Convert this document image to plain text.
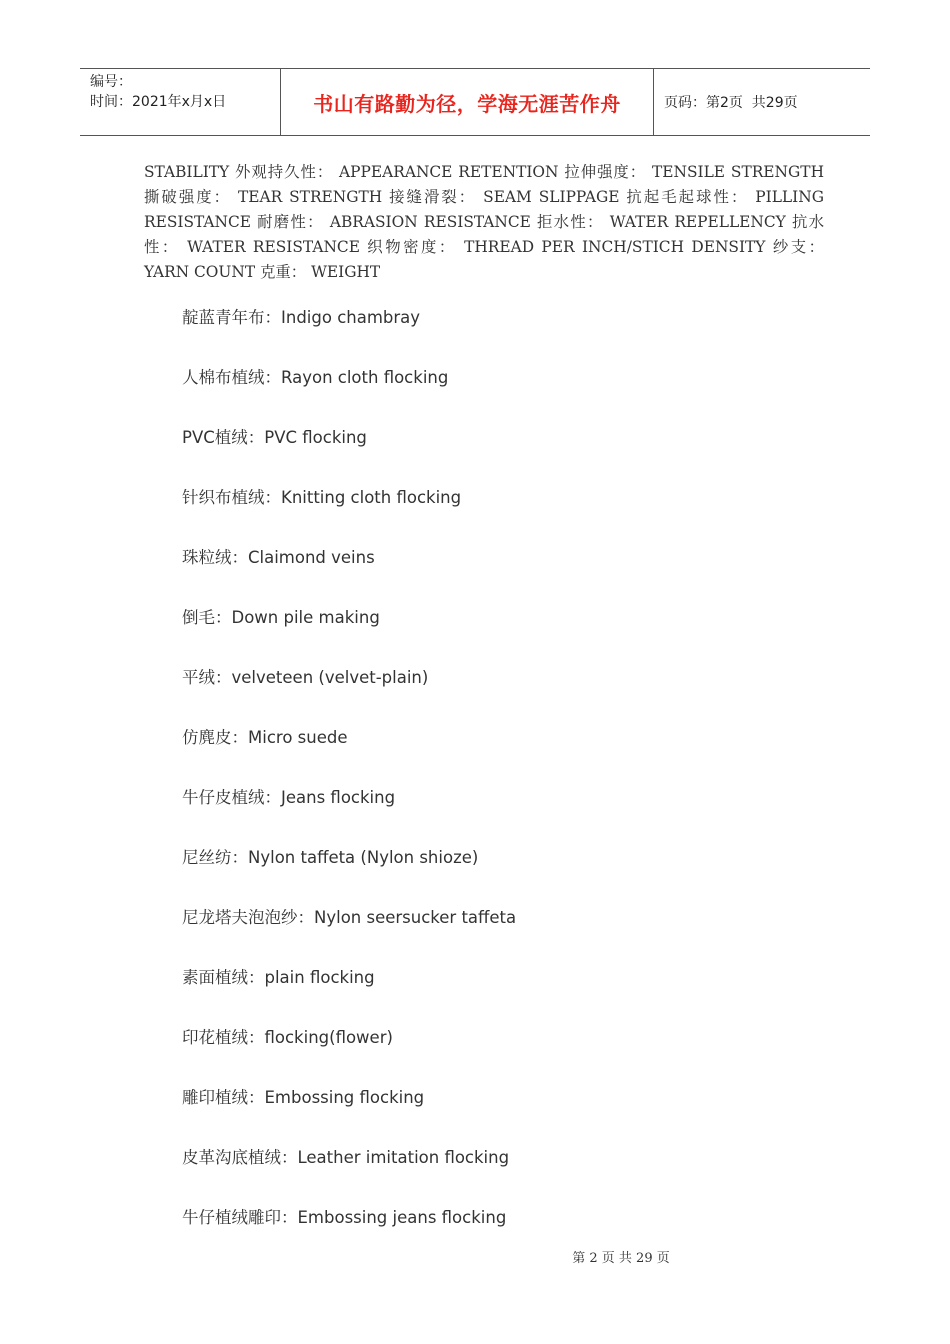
编号：
时间：2021年x月x日	书山有路勤为径，学海无涯苦作舟	页码：第2页  共29页
STABILITY 外观持久性： APPEARANCE RETENTION 拉伸强度： TENSILE STRENGTH 撕破强度： TEAR STRENGTH 接缝滑裂： SEAM SLIPPAGE 抗起毛起球性： PILLING RESISTANCE 耐磨性： ABRASION RESISTANCE 拒水性： WATER REPELLENCY 抗水性： WATER RESISTANCE 织物密度： THREAD PER INCH/STICH DENSITY 纱支： YARN COUNT 克重： WEIGHT
靛蓝青年布：Indigo chambray
人棉布植绒：Rayon cloth flocking
PVC植绒：PVC flocking
针织布植绒：Knitting cloth flocking
珠粒绒：Claimond veins
倒毛：Down pile making
平绒：velveteen (velvet-plain)
仿麂皮：Micro suede
牛仔皮植绒：Jeans flocking
尼丝纺：Nylon taffeta (Nylon shioze)
尼龙塔夫泡泡纱：Nylon seersucker taffeta
素面植绒：plain flocking
印花植绒：flocking(flower)
雕印植绒：Embossing flocking
皮革沟底植绒：Leather imitation flocking
牛仔植绒雕印：Embossing jeans flocking
第 2 页 共 29 页
